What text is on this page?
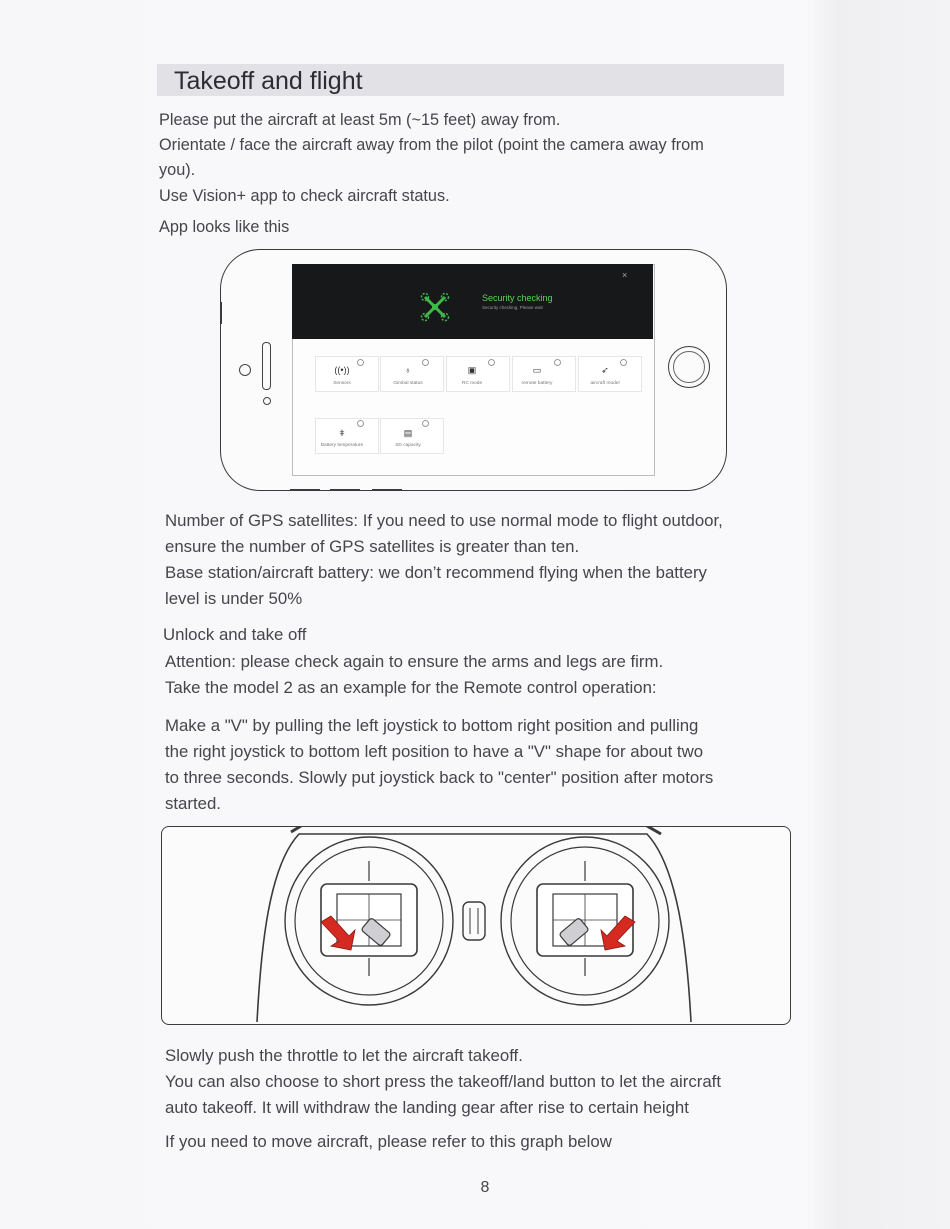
Takeoff and flight

Please put the aircraft at least 5m (~15 feet) away from.

Orientate / face the aircraft away from the pilot (point the camera away from

you).

Use Vision+ app to check aircraft status.

App looks like this

Security checking
Security checking, Please wait
×
((•))
Sensors
♁
Gimbal status
▣
RC mode
▭
remote battery
➶
aircraft model
ǂ
Battery temperature
▤
SD capacity

Number of GPS satellites: If you need to use normal mode to flight outdoor,

ensure the number of GPS satellites is greater than ten.

Base station/aircraft battery: we don’t recommend flying when the battery

level is under 50%

Unlock and take off

Attention: please check again to ensure the arms and legs are firm.

Take the model 2 as an example for the Remote control operation:

Make a "V" by pulling the left joystick to bottom right position and pulling

the right joystick to bottom left position to have a "V" shape for about two

to three seconds. Slowly put joystick back to "center" position after motors

started.

Slowly push the throttle to let the aircraft takeoff.

You can also choose to short press the takeoff/land button to let the aircraft

auto takeoff. It will withdraw the landing gear after rise to certain height

If you need to move aircraft, please refer to this graph below

8
